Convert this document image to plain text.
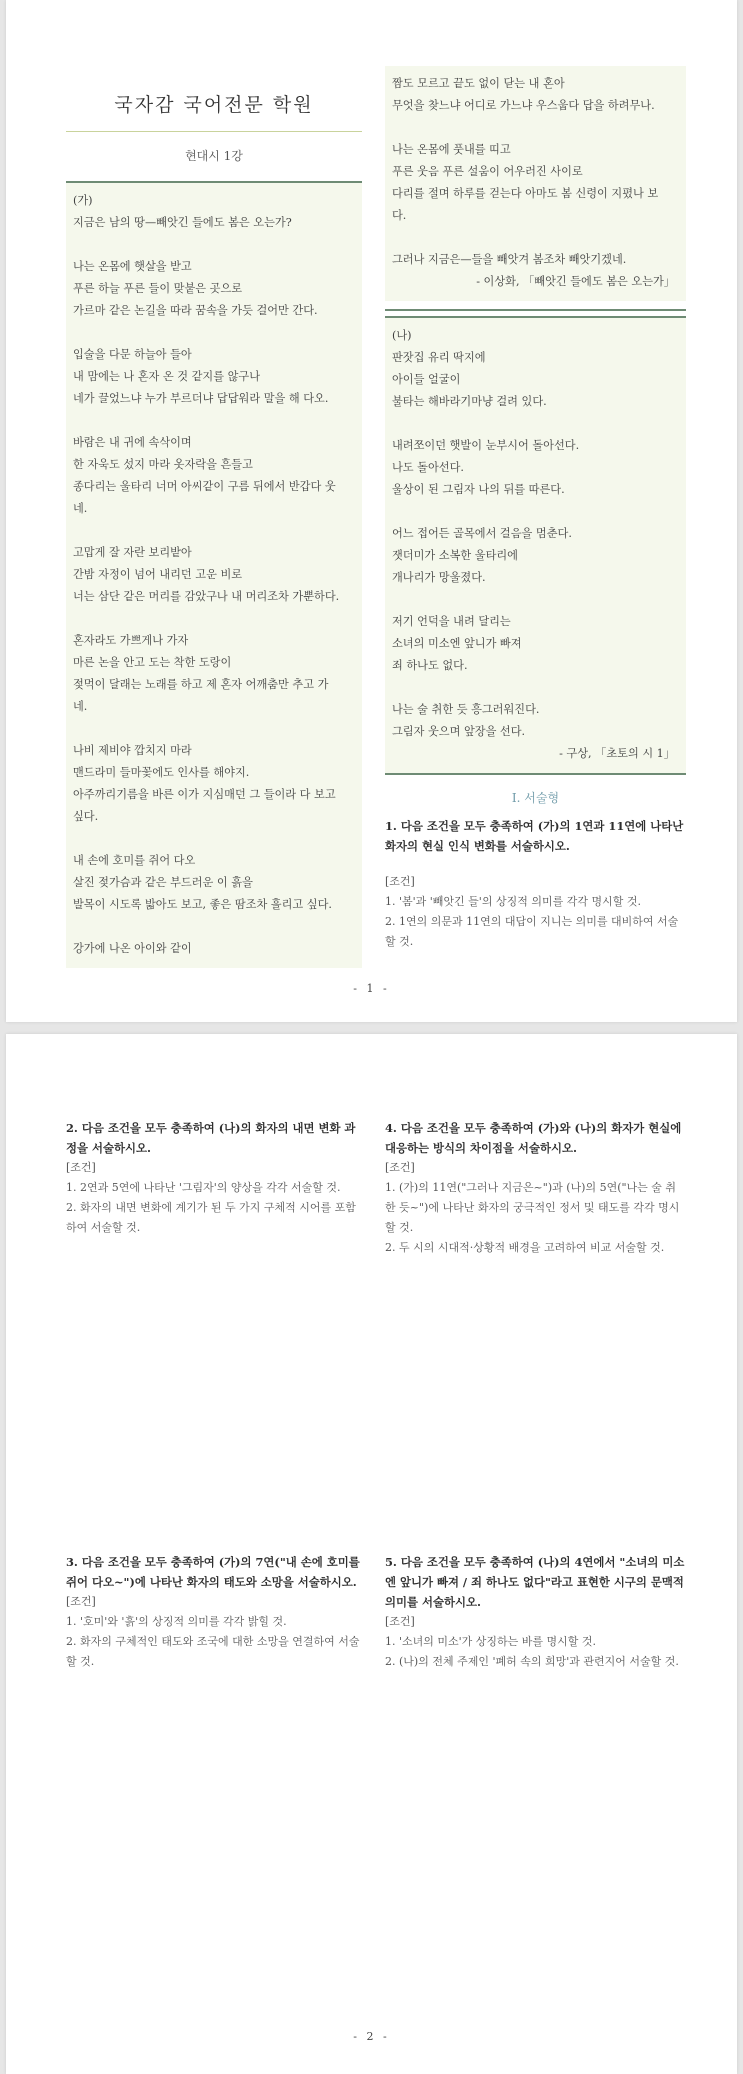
국자감 국어전문 학원
현대시 1강
(가)
지금은 남의 땅—빼앗긴 들에도 봄은 오는가?
나는 온몸에 햇살을 받고
푸른 하늘 푸른 들이 맞붙은 곳으로
가르마 같은 논길을 따라 꿈속을 가듯 걸어만 간다.
입술을 다문 하늘아 들아
내 맘에는 나 혼자 온 것 같지를 않구나
네가 끌었느냐 누가 부르더냐 답답워라 말을 해 다오.
바람은 내 귀에 속삭이며
한 자욱도 섰지 마라 옷자락을 흔들고
종다리는 울타리 너머 아씨같이 구름 뒤에서 반갑다 웃
네.
고맙게 잘 자란 보리밭아
간밤 자정이 넘어 내리던 고운 비로
너는 삼단 같은 머리를 감았구나 내 머리조차 가뿐하다.
혼자라도 가쁘게나 가자
마른 논을 안고 도는 착한 도랑이
젖먹이 달래는 노래를 하고 제 혼자 어깨춤만 추고 가
네.
나비 제비야 깝치지 마라
맨드라미 들마꽃에도 인사를 해야지.
아주까리기름을 바른 이가 지심매던 그 들이라 다 보고
싶다.
내 손에 호미를 쥐어 다오
살진 젖가슴과 같은 부드러운 이 흙을
발목이 시도록 밟아도 보고, 좋은 땀조차 흘리고 싶다.
강가에 나온 아이와 같이
짬도 모르고 끝도 없이 닫는 내 혼아
무엇을 찾느냐 어디로 가느냐 우스웁다 답을 하려무나.
나는 온몸에 풋내를 띠고
푸른 웃음 푸른 설움이 어우러진 사이로
다리를 절며 하루를 걷는다 아마도 봄 신령이 지폈나 보
다.
그러나 지금은—들을 빼앗겨 봄조차 빼앗기겠네.
- 이상화, 「빼앗긴 들에도 봄은 오는가」
(나)
판잣집 유리 딱지에
아이들 얼굴이
불타는 해바라기마냥 걸려 있다.
내려쪼이던 햇발이 눈부시어 돌아선다.
나도 돌아선다.
울상이 된 그림자 나의 뒤를 따른다.
어느 접어든 골목에서 걸음을 멈춘다.
잿더미가 소복한 울타리에
개나리가 망울졌다.
저기 언덕을 내려 달리는
소녀의 미소엔 앞니가 빠져
죄 하나도 없다.
나는 술 취한 듯 흥그러워진다.
그림자 웃으며 앞장을 선다.
- 구상, 「초토의 시 1」
Ⅰ. 서술형
1. 다음 조건을 모두 충족하여 (가)의 1연과 11연에 나타난 화자의 현실 인식 변화를 서술하시오.
[조건]
1. '봄'과 '빼앗긴 들'의 상징적 의미를 각각 명시할 것.
2. 1연의 의문과 11연의 대답이 지니는 의미를 대비하여 서술할 것.
- 1 -
2. 다음 조건을 모두 충족하여 (나)의 화자의 내면 변화 과정을 서술하시오.
[조건]
1. 2연과 5연에 나타난 '그림자'의 양상을 각각 서술할 것.
2. 화자의 내면 변화에 계기가 된 두 가지 구체적 시어를 포함하여 서술할 것.
4. 다음 조건을 모두 충족하여 (가)와 (나)의 화자가 현실에 대응하는 방식의 차이점을 서술하시오.
[조건]
1. (가)의 11연("그러나 지금은~")과 (나)의 5연("나는 술 취한 듯~")에 나타난 화자의 궁극적인 정서 및 태도를 각각 명시할 것.
2. 두 시의 시대적·상황적 배경을 고려하여 비교 서술할 것.
3. 다음 조건을 모두 충족하여 (가)의 7연("내 손에 호미를 쥐어 다오~")에 나타난 화자의 태도와 소망을 서술하시오.
[조건]
1. '호미'와 '흙'의 상징적 의미를 각각 밝힐 것.
2. 화자의 구체적인 태도와 조국에 대한 소망을 연결하여 서술할 것.
5. 다음 조건을 모두 충족하여 (나)의 4연에서 "소녀의 미소엔 앞니가 빠져 / 죄 하나도 없다"라고 표현한 시구의 문맥적 의미를 서술하시오.
[조건]
1. '소녀의 미소'가 상징하는 바를 명시할 것.
2. (나)의 전체 주제인 '폐허 속의 희망'과 관련지어 서술할 것.
- 2 -
